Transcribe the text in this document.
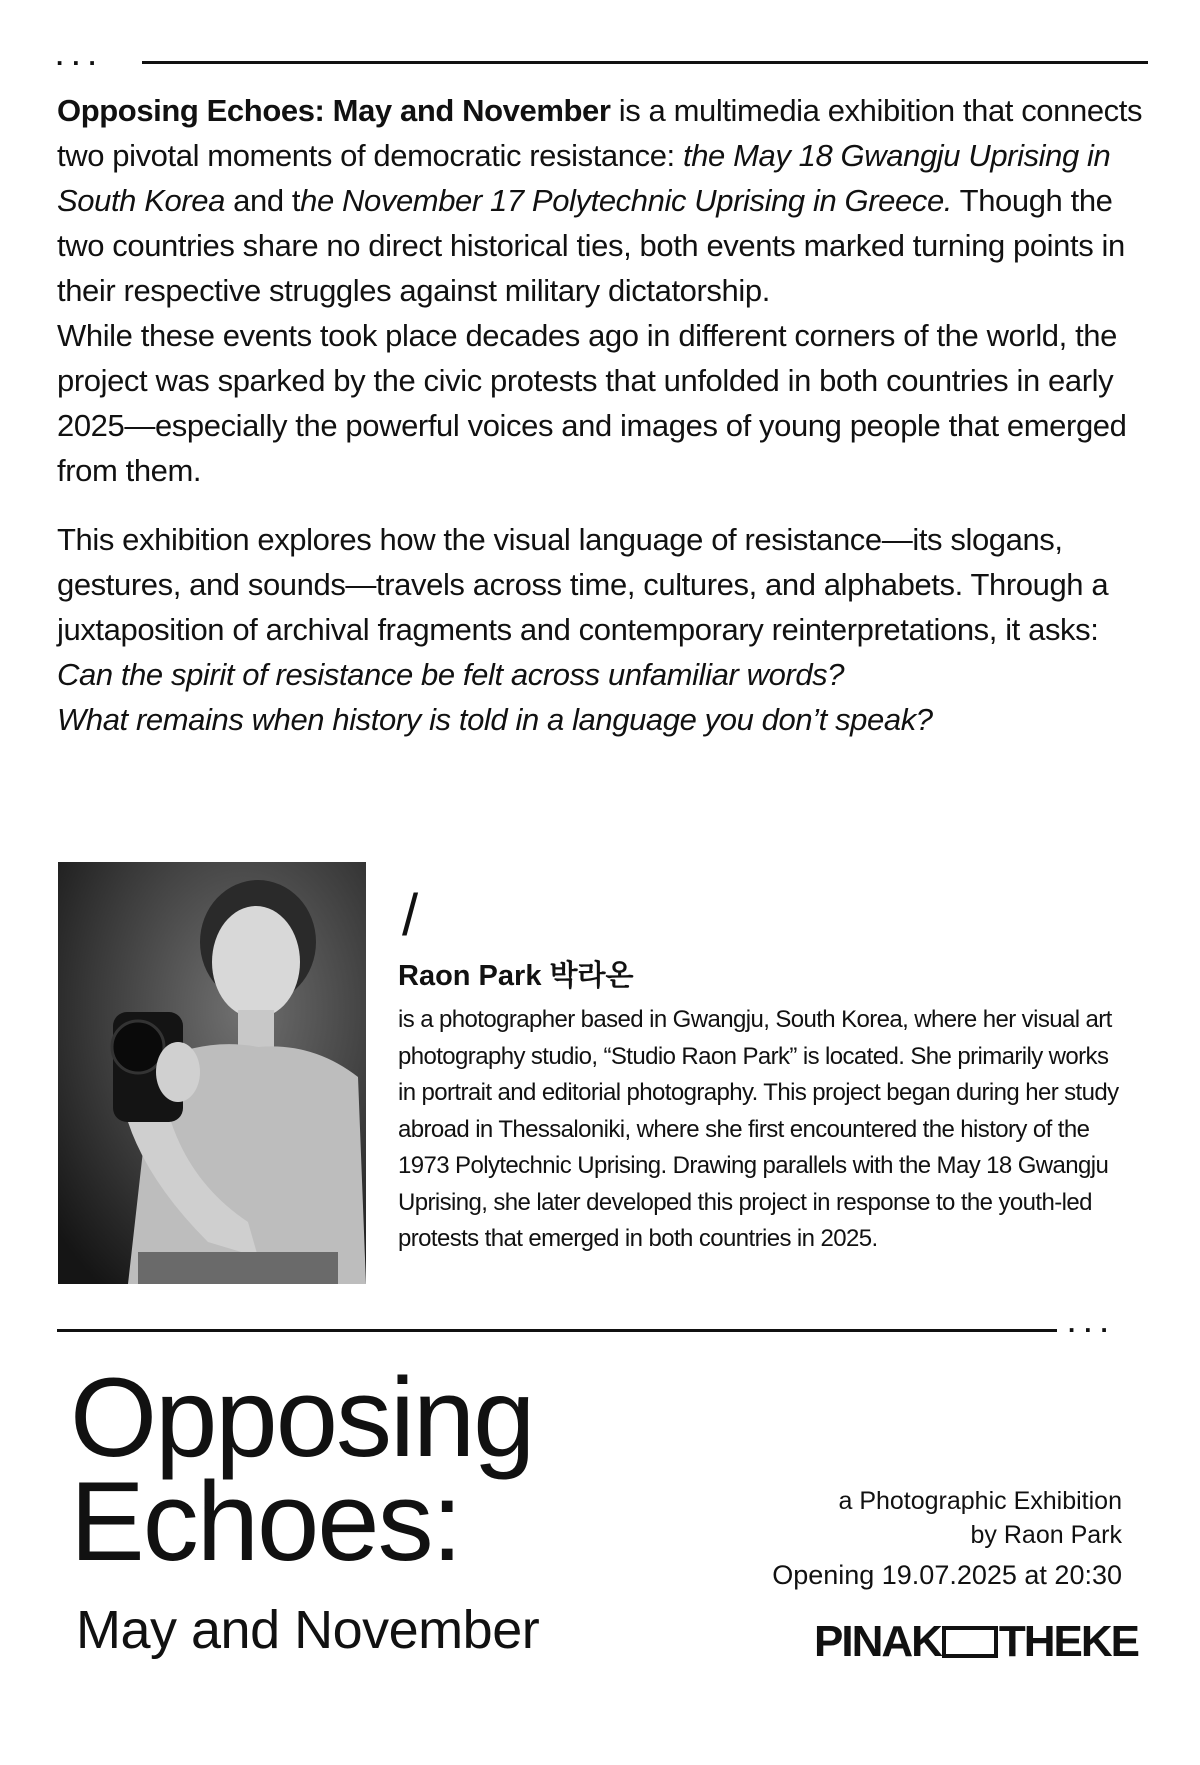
...

Opposing Echoes: May and November is a multimedia exhibition that connects two pivotal moments of democratic resistance: the May 18 Gwangju Uprising in South Korea and the November 17 Polytechnic Uprising in Greece. Though the two countries share no direct historical ties, both events marked turning points in their respective struggles against military dictatorship.

While these events took place decades ago in different corners of the world, the project was sparked by the civic protests that unfolded in both countries in early 2025—especially the powerful voices and images of young people that emerged from them.

This exhibition explores how the visual language of resistance—its slogans, gestures, and sounds—travels across time, cultures, and alphabets. Through a juxtaposition of archival fragments and contemporary reinterpretations, it asks:

Can the spirit of resistance be felt across unfamiliar words?

What remains when history is told in a language you don’t speak?

/
Raon Park 박라온
is a photographer based in Gwangju, South Korea, where her visual art photography studio, “Studio Raon Park” is located. She primarily works in portrait and editorial photography. This project began during her study abroad in Thessaloniki, where she first encountered the history of the 1973 Polytechnic Uprising. Drawing parallels with the May 18 Gwangju Uprising, she later developed this project in response to the youth-led protests that emerged in both countries in 2025.
...
Opposing
Echoes:
May and November
a Photographic Exhibition
by Raon Park
Opening 19.07.2025 at 20:30
PINAK THEKE
